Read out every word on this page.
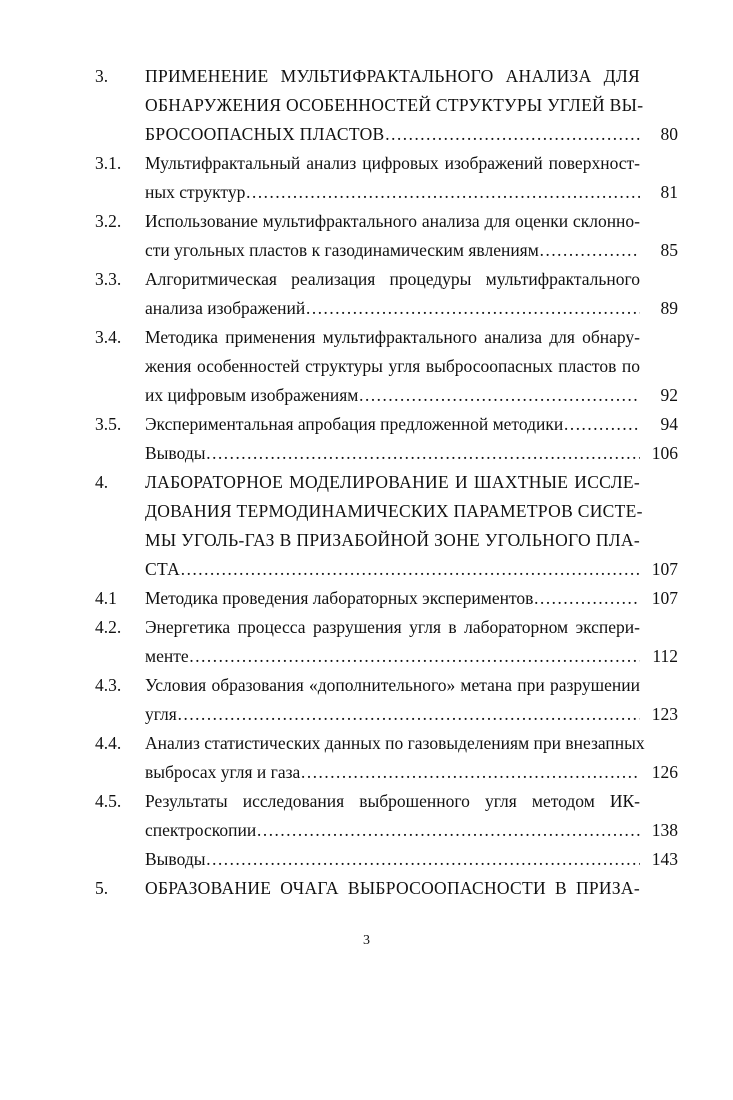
3.	ПРИМЕНЕНИЕ МУЛЬТИФРАКТАЛЬНОГО АНАЛИЗА ДЛЯ
ОБНАРУЖЕНИЯ ОСОБЕННОСТЕЙ СТРУКТУРЫ УГЛЕЙ ВЫ-
БРОСООПАСНЫХ ПЛАСТОВ …………………………………………………………………………………………………………………………………	80
3.1.	Мультифрактальный анализ цифровых изображений поверхност-
ных структур …………………………………………………………………………………………………………………………………	81
3.2.	Использование мультифрактального анализа для оценки склонно-
сти угольных пластов к газодинамическим явлениям …………………………………………………………………………………………………………………………………	85
3.3.	Алгоритмическая реализация процедуры мультифрактального
анализа изображений …………………………………………………………………………………………………………………………………	89
3.4.	Методика применения мультифрактального анализа для обнару-
жения особенностей структуры угля выбросоопасных пластов по
их цифровым изображениям …………………………………………………………………………………………………………………………………	92
3.5.	Экспериментальная апробация предложенной методики …………………………………………………………………………………………………………………………………	94
Выводы …………………………………………………………………………………………………………………………………	106
4.	ЛАБОРАТОРНОЕ МОДЕЛИРОВАНИЕ И ШАХТНЫЕ ИССЛЕ-
ДОВАНИЯ ТЕРМОДИНАМИЧЕСКИХ ПАРАМЕТРОВ СИСТЕ-
МЫ УГОЛЬ-ГАЗ В ПРИЗАБОЙНОЙ ЗОНЕ УГОЛЬНОГО ПЛА-
СТА …………………………………………………………………………………………………………………………………	107
4.1	Методика проведения лабораторных экспериментов …………………………………………………………………………………………………………………………………	107
4.2.	Энергетика процесса разрушения угля в лабораторном экспери-
менте …………………………………………………………………………………………………………………………………	112
4.3.	Условия образования «дополнительного» метана при разрушении
угля …………………………………………………………………………………………………………………………………	123
4.4.	Анализ статистических данных по газовыделениям при внезапных
выбросах угля и газа …………………………………………………………………………………………………………………………………	126
4.5.	Результаты исследования выброшенного угля методом ИК-
спектроскопии …………………………………………………………………………………………………………………………………	138
Выводы …………………………………………………………………………………………………………………………………	143
5.	ОБРАЗОВАНИЕ ОЧАГА ВЫБРОСООПАСНОСТИ В ПРИЗА-
3
